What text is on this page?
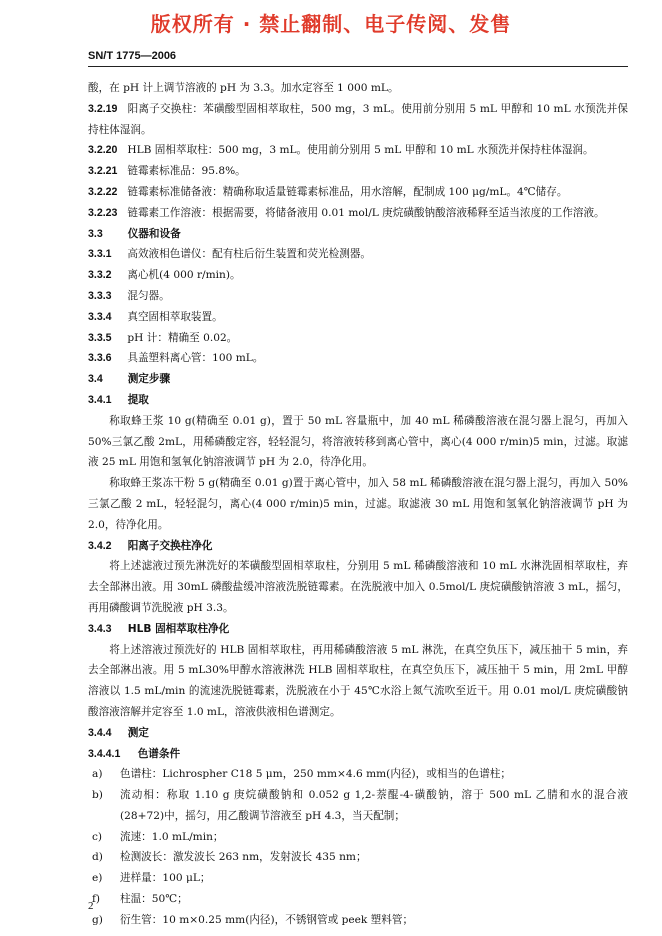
版权所有 · 禁止翻制、电子传阅、发售
SN/T 1775—2006

酸，在 pH 计上调节溶液的 pH 为 3.3。加水定容至 1 000 mL。

3.2.19 阳离子交换柱：苯磺酸型固相萃取柱，500 mg，3 mL。使用前分别用 5 mL 甲醇和 10 mL 水预洗并保持柱体湿润。

3.2.20 HLB 固相萃取柱：500 mg，3 mL。使用前分别用 5 mL 甲醇和 10 mL 水预洗并保持柱体湿润。

3.2.21 链霉素标准品：95.8%。

3.2.22 链霉素标准储备液：精确称取适量链霉素标准品，用水溶解，配制成 100 μg/mL。4℃储存。

3.2.23 链霉素工作溶液：根据需要，将储备液用 0.01 mol/L 庚烷磺酸钠酸溶液稀释至适当浓度的工作溶液。

3.3 仪器和设备

3.3.1 高效液相色谱仪：配有柱后衍生装置和荧光检测器。

3.3.2 离心机(4 000 r/min)。

3.3.3 混匀器。

3.3.4 真空固相萃取装置。

3.3.5 pH 计：精确至 0.02。

3.3.6 具盖塑料离心管：100 mL。

3.4 测定步骤

3.4.1 提取

称取蜂王浆 10 g(精确至 0.01 g)，置于 50 mL 容量瓶中，加 40 mL 稀磷酸溶液在混匀器上混匀，再加入 50%三氯乙酸 2mL，用稀磷酸定容，轻轻混匀，将溶液转移到离心管中，离心(4 000 r/min)5 min，过滤。取滤液 25 mL 用饱和氢氧化钠溶液调节 pH 为 2.0，待净化用。

称取蜂王浆冻干粉 5 g(精确至 0.01 g)置于离心管中，加入 58 mL 稀磷酸溶液在混匀器上混匀，再加入 50%三氯乙酸 2 mL，轻轻混匀，离心(4 000 r/min)5 min，过滤。取滤液 30 mL 用饱和氢氧化钠溶液调节 pH 为 2.0，待净化用。

3.4.2 阳离子交换柱净化

将上述滤液过预先淋洗好的苯磺酸型固相萃取柱，分别用 5 mL 稀磷酸溶液和 10 mL 水淋洗固相萃取柱，弃去全部淋出液。用 30mL 磷酸盐缓冲溶液洗脱链霉素。在洗脱液中加入 0.5mol/L 庚烷磺酸钠溶液 3 mL，摇匀，再用磷酸调节洗脱液 pH 3.3。

3.4.3 HLB 固相萃取柱净化

将上述溶液过预洗好的 HLB 固相萃取柱，再用稀磷酸溶液 5 mL 淋洗，在真空负压下，减压抽干 5 min，弃去全部淋出液。用 5 mL30%甲醇水溶液淋洗 HLB 固相萃取柱，在真空负压下，减压抽干 5 min，用 2mL 甲醇溶液以 1.5 mL/min 的流速洗脱链霉素，洗脱液在小于 45℃水浴上氮气流吹至近干。用 0.01 mol/L 庚烷磺酸钠酸溶液溶解并定容至 1.0 mL，溶液供液相色谱测定。

3.4.4 测定

3.4.4.1 色谱条件

a)	色谱柱：Lichrospher C18 5 μm，250 mm×4.6 mm(内径)，或相当的色谱柱；
b)	流动相：称取 1.10 g 庚烷磺酸钠和 0.052 g 1,2-萘醌-4-磺酸钠，溶于 500 mL 乙腈和水的混合液(28+72)中，摇匀，用乙酸调节溶液至 pH 4.3，当天配制；
c)	流速：1.0 mL/min；
d)	检测波长：激发波长 263 nm，发射波长 435 nm；
e)	进样量：100 μL；
f)	柱温：50℃；
g)	衍生管：10 m×0.25 mm(内径)，不锈钢管或 peek 塑料管；
2
